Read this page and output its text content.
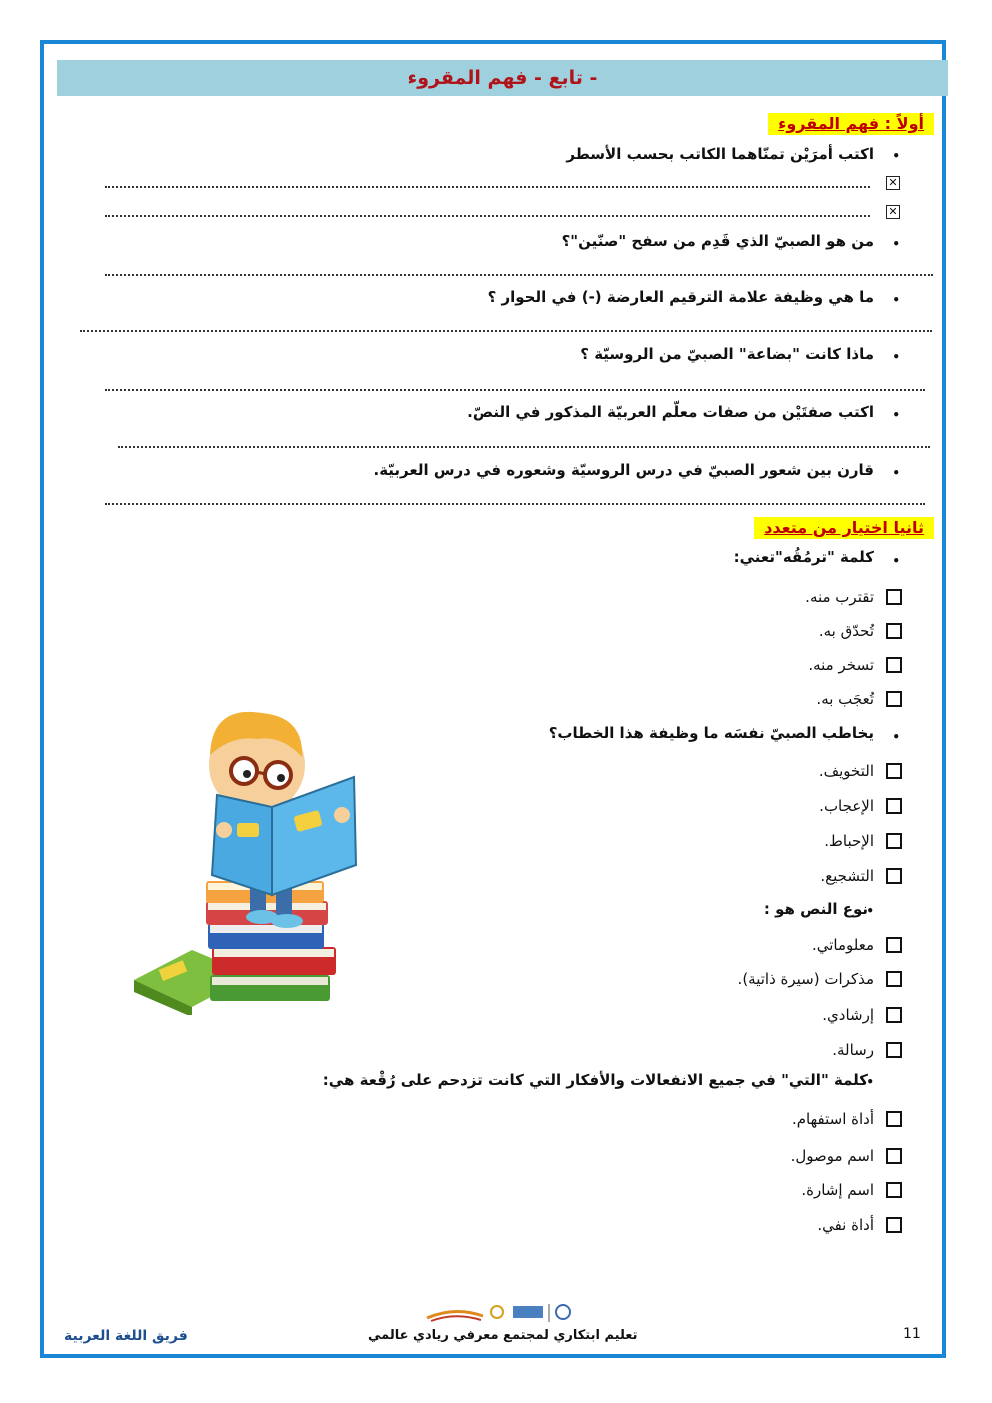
تابع - فهم المقروء -
أولاً : فهم المقروء
•
اكتب أمرَيْن تمنّاهما الكاتب بحسب الأسطر
✕
✕
•
من هو الصبيّ الذي قَدِم من سفح "صنّين"؟
•
ما هي وظيفة علامة الترقيم العارضة (-) في الحوار ؟
•
ماذا كانت "بضاعة" الصبيّ من الروسيّة ؟
•
اكتب صفتَيْن من صفات معلّم العربيّة المذكور في النصّ.
•
قارن بين شعور الصبيّ في درس الروسيّة وشعوره في درس العربيّة.
ثانيا اختيار من متعدد
•
كلمة "ترمُقُه"تعني:
تقترب منه.
تُحدّق به.
تسخر منه.
تُعجَب به.
•
يخاطب الصبيّ نفسَه ما وظيفة هذا الخطاب؟
التخويف.
الإعجاب.
الإحباط.
التشجيع.
•
نوع النص هو :
معلوماتي.
مذكرات (سيرة ذاتية).
إرشادي.
رسالة.
•
كلمة "التي" في جميع الانفعالات والأفكار التي كانت تزدحم على رُقْعة هي:
أداة استفهام.
اسم موصول.
اسم إشارة.
أداة نفي.
فريق اللغة العربية	تعليم ابتكاري لمجتمع معرفي ريادي عالمي	11
